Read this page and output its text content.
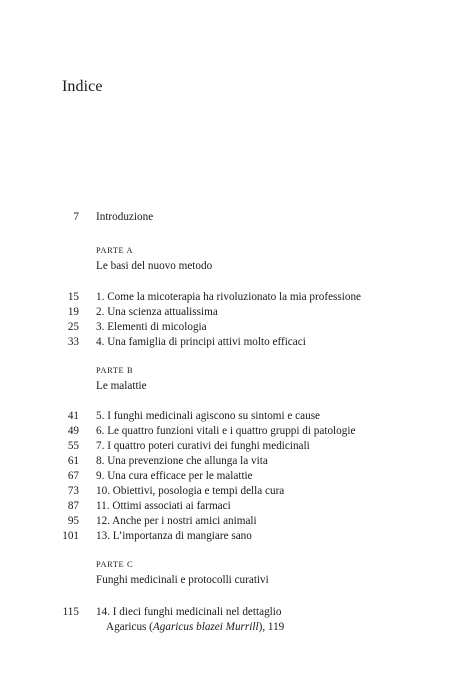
Indice
7 Introduzione
PARTE A
Le basi del nuovo metodo
15 1. Come la micoterapia ha rivoluzionato la mia professione
19 2. Una scienza attualissima
25 3. Elementi di micologia
33 4. Una famiglia di principi attivi molto efficaci
PARTE B
Le malattie
41 5. I funghi medicinali agiscono su sintomi e cause
49 6. Le quattro funzioni vitali e i quattro gruppi di patologie
55 7. I quattro poteri curativi dei funghi medicinali
61 8. Una prevenzione che allunga la vita
67 9. Una cura efficace per le malattie
73 10. Obiettivi, posologia e tempi della cura
87 11. Ottimi associati ai farmaci
95 12. Anche per i nostri amici animali
101 13. L’importanza di mangiare sano
PARTE C
Funghi medicinali e protocolli curativi
115 14. I dieci funghi medicinali nel dettaglio
Agaricus (Agaricus blazei Murrill), 119
